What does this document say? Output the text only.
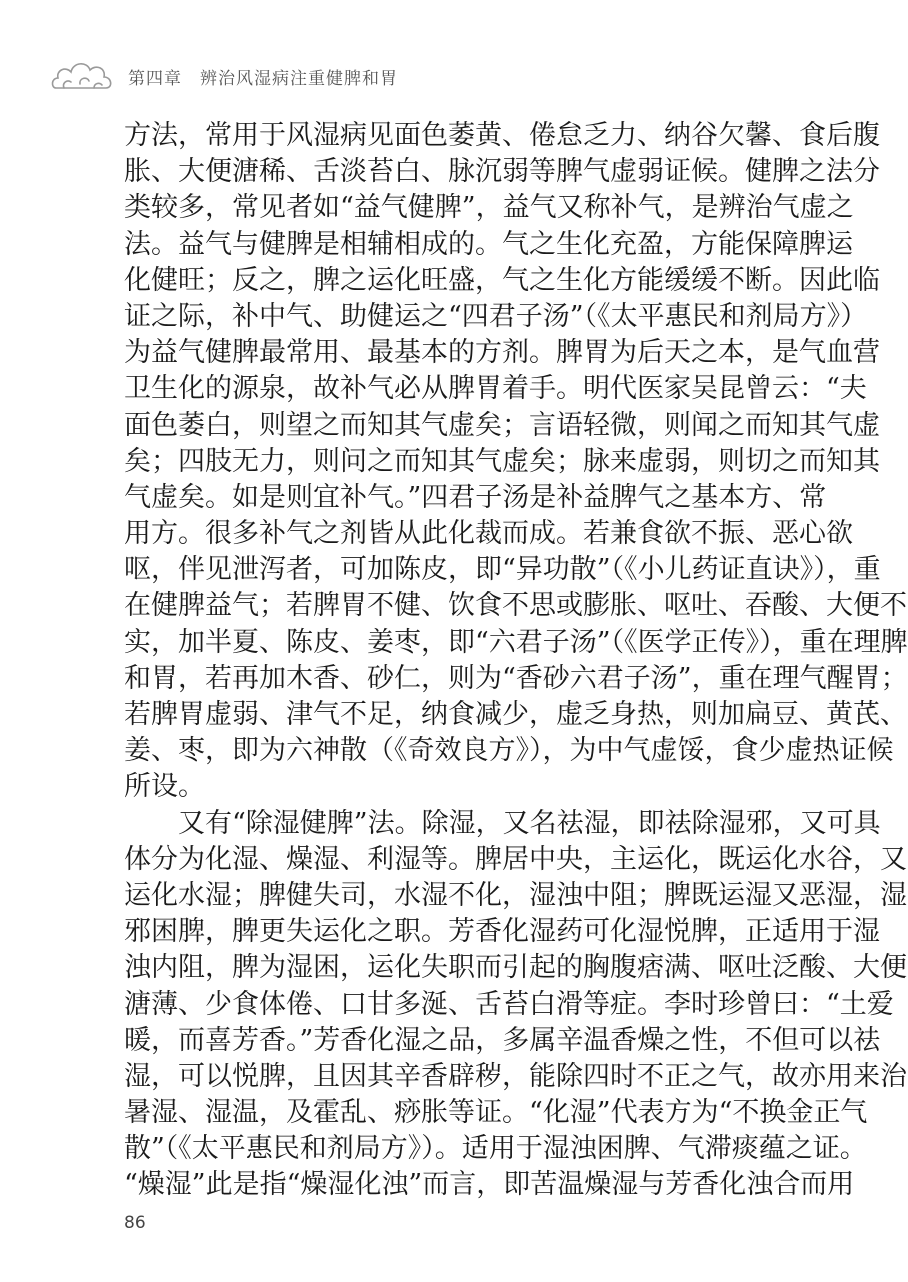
第四章　辨治风湿病注重健脾和胃
方法，常用于风湿病见面色萎黄、倦怠乏力、纳谷欠馨、食后腹
胀、大便溏稀、舌淡苔白、脉沉弱等脾气虚弱证候。健脾之法分
类较多，常见者如“益气健脾”，益气又称补气，是辨治气虚之
法。益气与健脾是相辅相成的。气之生化充盈，方能保障脾运
化健旺；反之，脾之运化旺盛，气之生化方能缓缓不断。因此临
证之际，补中气、助健运之“四君子汤”（《太平惠民和剂局方》）
为益气健脾最常用、最基本的方剂。脾胃为后天之本，是气血营
卫生化的源泉，故补气必从脾胃着手。明代医家吴昆曾云：“夫
面色萎白，则望之而知其气虚矣；言语轻微，则闻之而知其气虚
矣；四肢无力，则问之而知其气虚矣；脉来虚弱，则切之而知其
气虚矣。如是则宜补气。”四君子汤是补益脾气之基本方、常
用方。很多补气之剂皆从此化裁而成。若兼食欲不振、恶心欲
呕，伴见泄泻者，可加陈皮，即“异功散”（《小儿药证直诀》），重
在健脾益气；若脾胃不健、饮食不思或膨胀、呕吐、吞酸、大便不
实，加半夏、陈皮、姜枣，即“六君子汤”（《医学正传》），重在理脾
和胃，若再加木香、砂仁，则为“香砂六君子汤”，重在理气醒胃；
若脾胃虚弱、津气不足，纳食减少，虚乏身热，则加扁豆、黄芪、
姜、枣，即为六神散（《奇效良方》），为中气虚馁，食少虚热证候
所设。
又有“除湿健脾”法。除湿，又名祛湿，即祛除湿邪，又可具
体分为化湿、燥湿、利湿等。脾居中央，主运化，既运化水谷，又
运化水湿；脾健失司，水湿不化，湿浊中阻；脾既运湿又恶湿，湿
邪困脾，脾更失运化之职。芳香化湿药可化湿悦脾，正适用于湿
浊内阻，脾为湿困，运化失职而引起的胸腹痞满、呕吐泛酸、大便
溏薄、少食体倦、口甘多涎、舌苔白滑等症。李时珍曾曰：“土爱
暖，而喜芳香。”芳香化湿之品，多属辛温香燥之性，不但可以祛
湿，可以悦脾，且因其辛香辟秽，能除四时不正之气，故亦用来治
暑湿、湿温，及霍乱、痧胀等证。“化湿”代表方为“不换金正气
散”（《太平惠民和剂局方》）。适用于湿浊困脾、气滞痰蕴之证。
“燥湿”此是指“燥湿化浊”而言，即苦温燥湿与芳香化浊合而用
86
